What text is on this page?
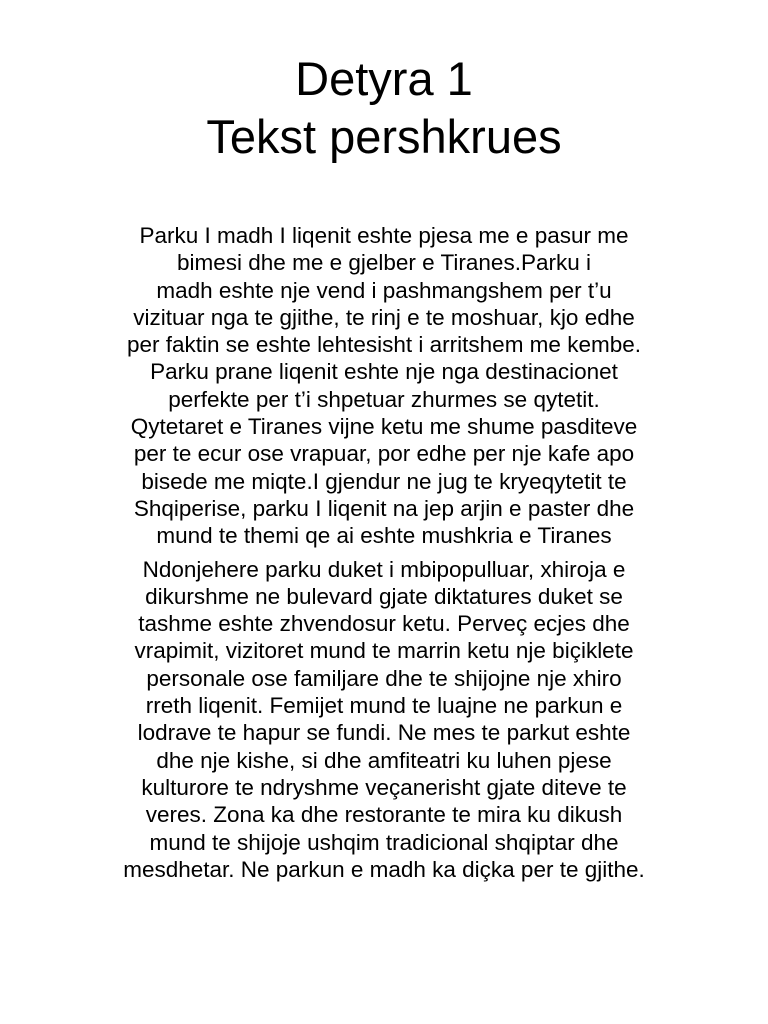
Detyra 1
Tekst pershkrues

Parku I madh I liqenit eshte pjesa me e pasur me
bimesi dhe me e gjelber e Tiranes.Parku i
madh eshte nje vend i pashmangshem per t’u
vizituar nga te gjithe, te rinj e te moshuar, kjo edhe
per faktin se eshte lehtesisht i arritshem me kembe.
Parku prane liqenit eshte nje nga destinacionet
perfekte per t’i shpetuar zhurmes se qytetit.
Qytetaret e Tiranes vijne ketu me shume pasditeve
per te ecur ose vrapuar, por edhe per nje kafe apo
bisede me miqte.I gjendur ne jug te kryeqytetit te
Shqiperise, parku I liqenit na jep arjin e paster dhe
mund te themi qe ai eshte mushkria e Tiranes

Ndonjehere parku duket i mbipopulluar, xhiroja e
dikurshme ne bulevard gjate diktatures duket se
tashme eshte zhvendosur ketu. Perveç ecjes dhe
vrapimit, vizitoret mund te marrin ketu nje biçiklete
personale ose familjare dhe te shijojne nje xhiro
rreth liqenit. Femijet mund te luajne ne parkun e
lodrave te hapur se fundi. Ne mes te parkut eshte
dhe nje kishe, si dhe amfiteatri ku luhen pjese
kulturore te ndryshme veçanerisht gjate diteve te
veres. Zona ka dhe restorante te mira ku dikush
mund te shijoje ushqim tradicional shqiptar dhe
mesdhetar. Ne parkun e madh ka diçka per te gjithe.
